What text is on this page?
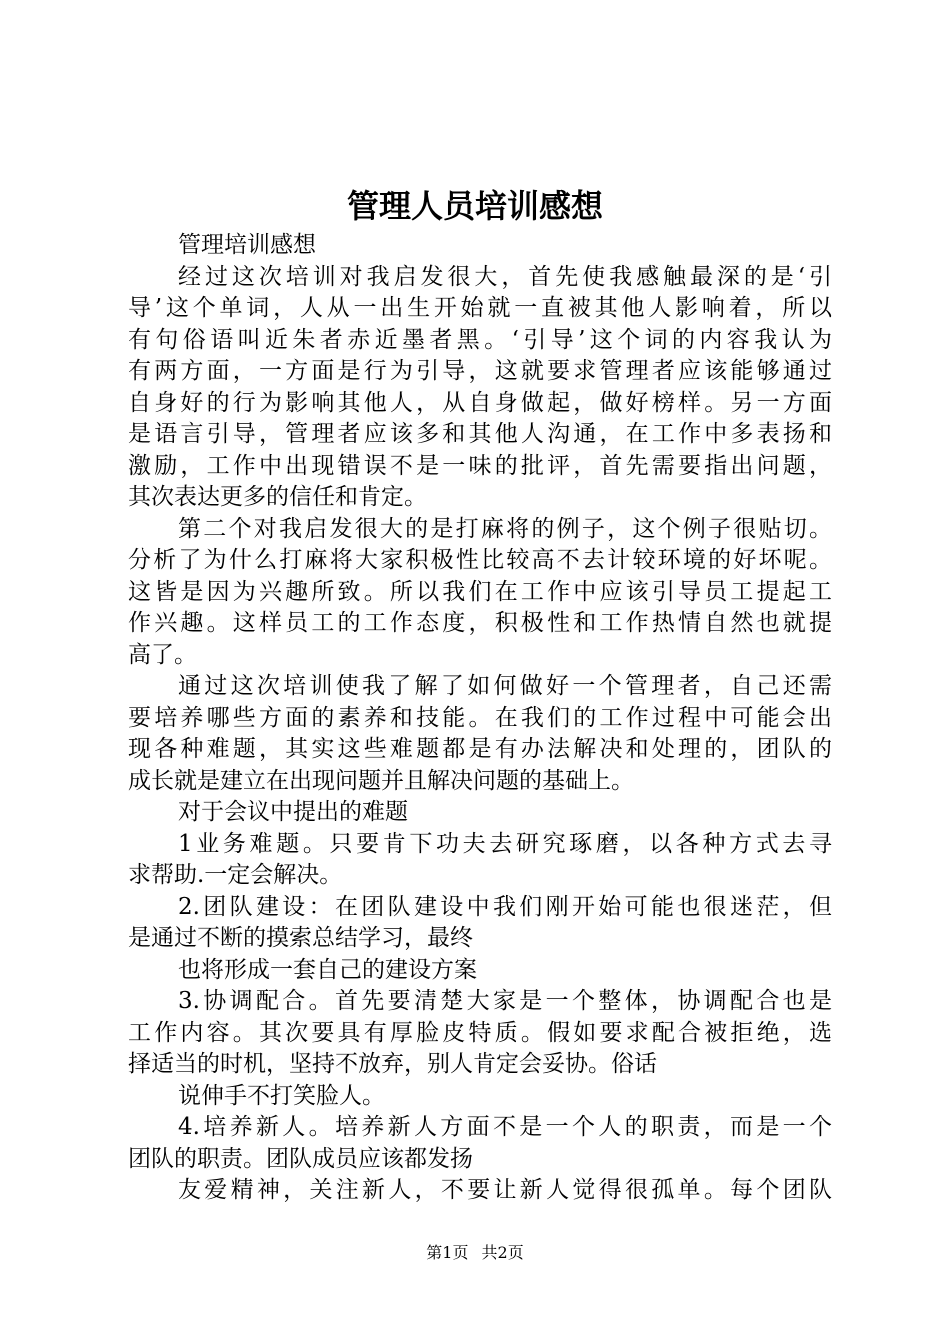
管理人员培训感想
管理培训感想
经过这次培训对我启发很大，首先使我感触最深的是‘引
导’这个单词，人从一出生开始就一直被其他人影响着，所以
有句俗语叫近朱者赤近墨者黑。‘引导’这个词的内容我认为
有两方面，一方面是行为引导，这就要求管理者应该能够通过
自身好的行为影响其他人，从自身做起，做好榜样。另一方面
是语言引导，管理者应该多和其他人沟通，在工作中多表扬和
激励，工作中出现错误不是一味的批评，首先需要指出问题，
其次表达更多的信任和肯定。
第二个对我启发很大的是打麻将的例子，这个例子很贴切。
分析了为什么打麻将大家积极性比较高不去计较环境的好坏呢。
这皆是因为兴趣所致。所以我们在工作中应该引导员工提起工
作兴趣。这样员工的工作态度，积极性和工作热情自然也就提
高了。
通过这次培训使我了解了如何做好一个管理者，自己还需
要培养哪些方面的素养和技能。在我们的工作过程中可能会出
现各种难题，其实这些难题都是有办法解决和处理的，团队的
成长就是建立在出现问题并且解决问题的基础上。
对于会议中提出的难题
1业务难题。只要肯下功夫去研究琢磨，以各种方式去寻
求帮助.一定会解决。
2.团队建设：在团队建设中我们刚开始可能也很迷茫，但
是通过不断的摸索总结学习，最终
也将形成一套自己的建设方案
3.协调配合。首先要清楚大家是一个整体，协调配合也是
工作内容。其次要具有厚脸皮特质。假如要求配合被拒绝，选
择适当的时机，坚持不放弃，别人肯定会妥协。俗话
说伸手不打笑脸人。
4.培养新人。培养新人方面不是一个人的职责，而是一个
团队的职责。团队成员应该都发扬
友爱精神，关注新人，不要让新人觉得很孤单。每个团队
第1页 共2页
